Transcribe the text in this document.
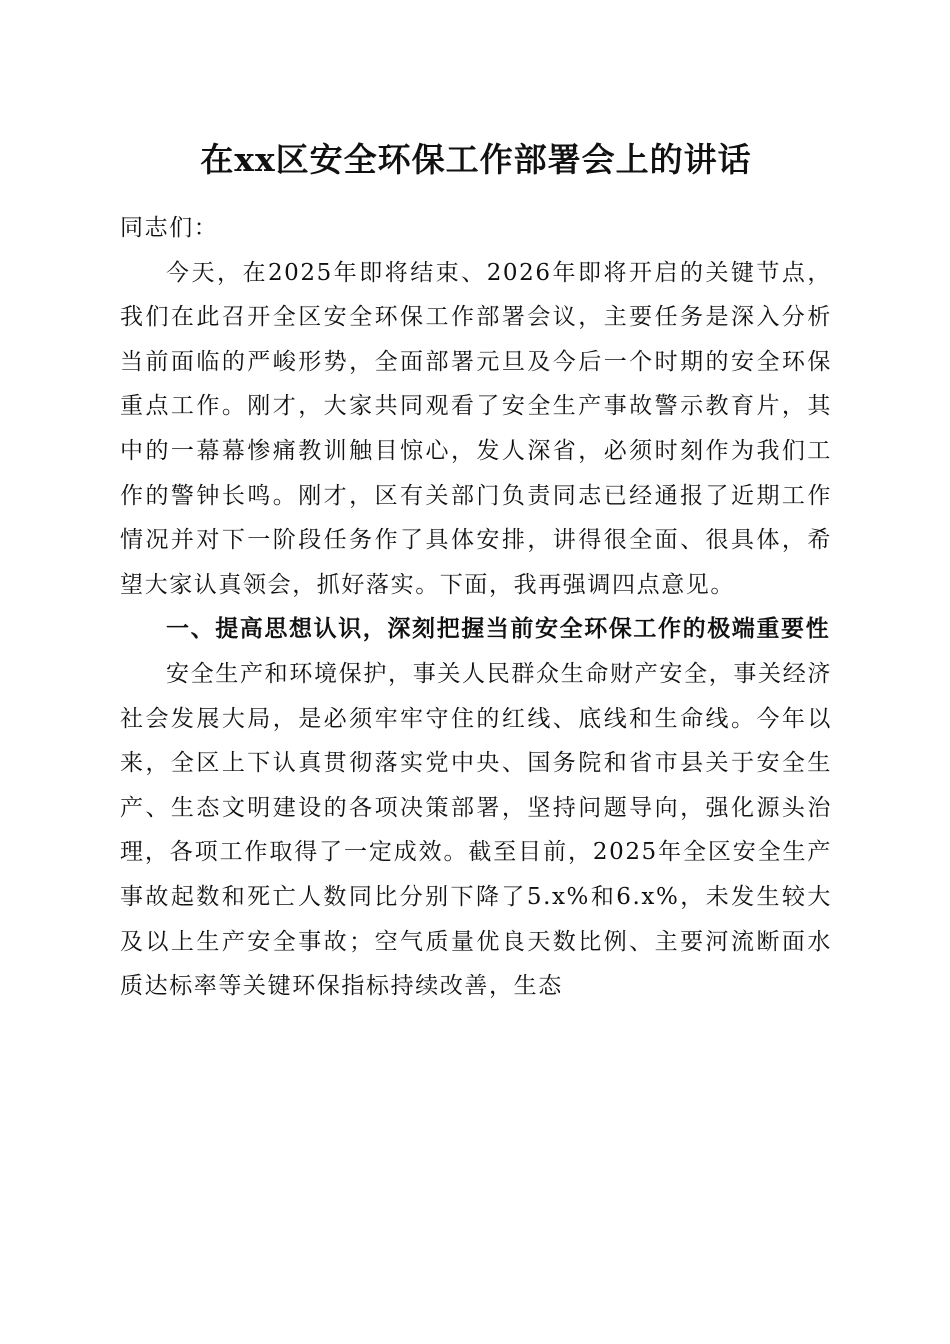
在xx区安全环保工作部署会上的讲话

同志们：

今天，在2025年即将结束、2026年即将开启的关键节点，我们在此召开全区安全环保工作部署会议，主要任务是深入分析当前面临的严峻形势，全面部署元旦及今后一个时期的安全环保重点工作。刚才，大家共同观看了安全生产事故警示教育片，其中的一幕幕惨痛教训触目惊心，发人深省，必须时刻作为我们工作的警钟长鸣。刚才，区有关部门负责同志已经通报了近期工作情况并对下一阶段任务作了具体安排，讲得很全面、很具体，希望大家认真领会，抓好落实。下面，我再强调四点意见。

一、提高思想认识，深刻把握当前安全环保工作的极端重要性

安全生产和环境保护，事关人民群众生命财产安全，事关经济社会发展大局，是必须牢牢守住的红线、底线和生命线。今年以来，全区上下认真贯彻落实党中央、国务院和省市县关于安全生产、生态文明建设的各项决策部署，坚持问题导向，强化源头治理，各项工作取得了一定成效。截至目前，2025年全区安全生产事故起数和死亡人数同比分别下降了5.x%和6.x%，未发生较大及以上生产安全事故；空气质量优良天数比例、主要河流断面水质达标率等关键环保指标持续改善，生态
